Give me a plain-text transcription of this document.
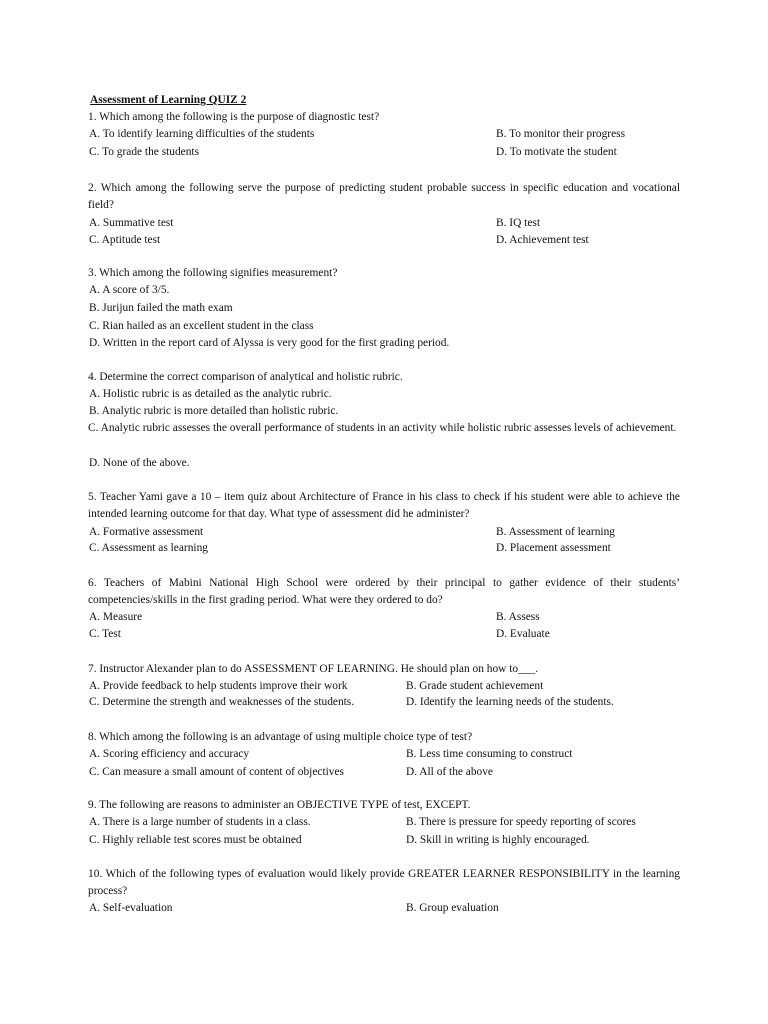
Assessment of Learning QUIZ 2
1. Which among the following is the purpose of diagnostic test?
A. To identify learning difficulties of the students	B. To monitor their progress
C. To grade the students	D. To motivate the student
2. Which among the following serve the purpose of predicting student probable success in specific education and vocational field?
A. Summative test	B. IQ test
C. Aptitude test	D. Achievement test
3. Which among the following signifies measurement?
A. A score of 3/5.
B. Jurijun failed the math exam
C. Rian hailed as an excellent student in the class
D. Written in the report card of Alyssa is very good for the first grading period.
4. Determine the correct comparison of analytical and holistic rubric.
A. Holistic rubric is as detailed as the analytic rubric.
B. Analytic rubric is more detailed than holistic rubric.
C. Analytic rubric assesses the overall performance of students in an activity while holistic rubric assesses levels of achievement.
D. None of the above.
5. Teacher Yami gave a 10 – item quiz about Architecture of France in his class to check if his student were able to achieve the intended learning outcome for that day. What type of assessment did he administer?
A. Formative assessment	B. Assessment of learning
C. Assessment as learning	D. Placement assessment
6. Teachers of Mabini National High School were ordered by their principal to gather evidence of their students’ competencies/skills in the first grading period. What were they ordered to do?
A. Measure	B. Assess
C. Test	D. Evaluate
7. Instructor Alexander plan to do ASSESSMENT OF LEARNING. He should plan on how to___.
A. Provide feedback to help students improve their work	B. Grade student achievement
C. Determine the strength and weaknesses of the students.	D. Identify the learning needs of the students.
8. Which among the following is an advantage of using multiple choice type of test?
A. Scoring efficiency and accuracy	B. Less time consuming to construct
C. Can measure a small amount of content of objectives	D. All of the above
9. The following are reasons to administer an OBJECTIVE TYPE of test, EXCEPT.
A. There is a large number of students in a class.	B. There is pressure for speedy reporting of scores
C. Highly reliable test scores must be obtained	D. Skill in writing is highly encouraged.
10. Which of the following types of evaluation would likely provide GREATER LEARNER RESPONSIBILITY in the learning process?
A. Self-evaluation	B. Group evaluation
